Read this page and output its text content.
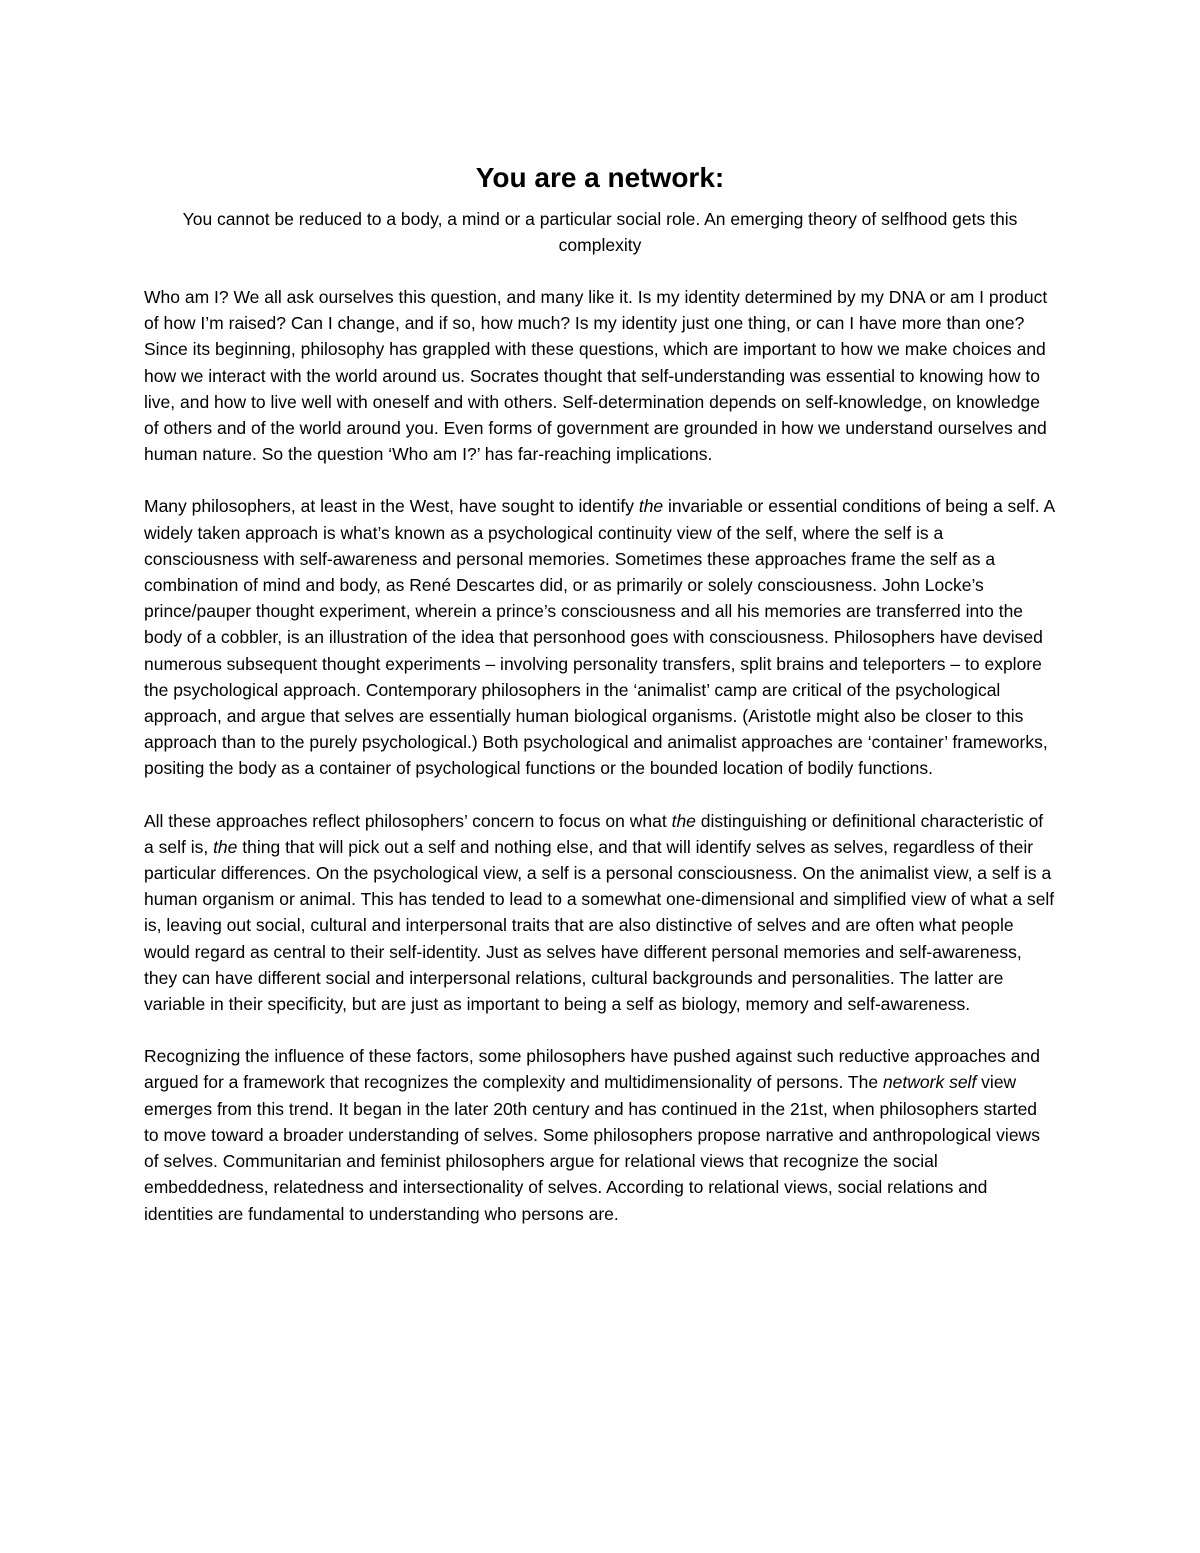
You are a network:

You cannot be reduced to a body, a mind or a particular social role. An emerging theory of selfhood gets this complexity

Who am I? We all ask ourselves this question, and many like it. Is my identity determined by my DNA or am I product of how I’m raised? Can I change, and if so, how much? Is my identity just one thing, or can I have more than one? Since its beginning, philosophy has grappled with these questions, which are important to how we make choices and how we interact with the world around us. Socrates thought that self-understanding was essential to knowing how to live, and how to live well with oneself and with others. Self-determination depends on self-knowledge, on knowledge of others and of the world around you. Even forms of government are grounded in how we understand ourselves and human nature. So the question ‘Who am I?’ has far-reaching implications.

Many philosophers, at least in the West, have sought to identify the invariable or essential conditions of being a self. A widely taken approach is what’s known as a psychological continuity view of the self, where the self is a consciousness with self-awareness and personal memories. Sometimes these approaches frame the self as a combination of mind and body, as René Descartes did, or as primarily or solely consciousness. John Locke’s prince/pauper thought experiment, wherein a prince’s consciousness and all his memories are transferred into the body of a cobbler, is an illustration of the idea that personhood goes with consciousness. Philosophers have devised numerous subsequent thought experiments – involving personality transfers, split brains and teleporters – to explore the psychological approach. Contemporary philosophers in the ‘animalist’ camp are critical of the psychological approach, and argue that selves are essentially human biological organisms. (Aristotle might also be closer to this approach than to the purely psychological.) Both psychological and animalist approaches are ‘container’ frameworks, positing the body as a container of psychological functions or the bounded location of bodily functions.

All these approaches reflect philosophers’ concern to focus on what the distinguishing or definitional characteristic of a self is, the thing that will pick out a self and nothing else, and that will identify selves as selves, regardless of their particular differences. On the psychological view, a self is a personal consciousness. On the animalist view, a self is a human organism or animal. This has tended to lead to a somewhat one-dimensional and simplified view of what a self is, leaving out social, cultural and interpersonal traits that are also distinctive of selves and are often what people would regard as central to their self-identity. Just as selves have different personal memories and self-awareness, they can have different social and interpersonal relations, cultural backgrounds and personalities. The latter are variable in their specificity, but are just as important to being a self as biology, memory and self-awareness.

Recognizing the influence of these factors, some philosophers have pushed against such reductive approaches and argued for a framework that recognizes the complexity and multidimensionality of persons. The network self view emerges from this trend. It began in the later 20th century and has continued in the 21st, when philosophers started to move toward a broader understanding of selves. Some philosophers propose narrative and anthropological views of selves. Communitarian and feminist philosophers argue for relational views that recognize the social embeddedness, relatedness and intersectionality of selves. According to relational views, social relations and identities are fundamental to understanding who persons are.
